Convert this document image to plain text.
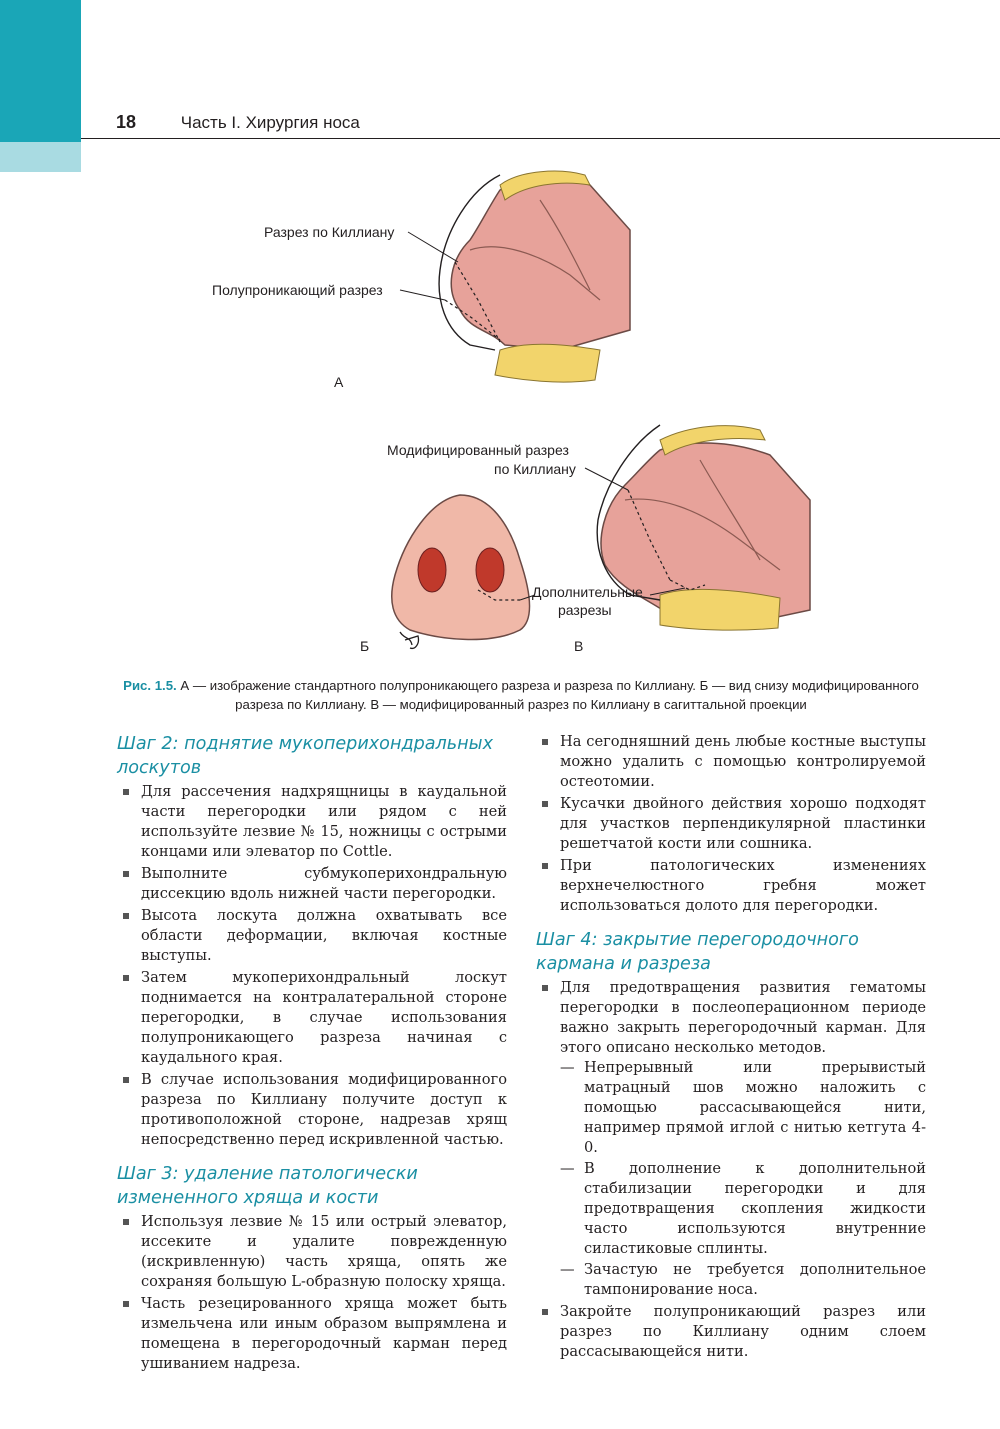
18	Часть I. Хирургия носа
Разрез по Киллиану
Полупроникающий разрез
А
Модифицированный разрез
по Киллиану
Дополнительные
разрезы
Б	В
Рис. 1.5. А — изображение стандартного полупроникающего разреза и разреза по Киллиану. Б — вид снизу модифицированного разреза по Киллиану. В — модифицированный разрез по Киллиану в сагиттальной проекции
Шаг 2: поднятие мукоперихондральных лоскутов
Для рассечения надхрящницы в каудальной части перегородки или рядом с ней используйте лезвие № 15, ножницы с острыми концами или элеватор по Cottle.
Выполните субмукоперихондральную диссекцию вдоль нижней части перегородки.
Высота лоскута должна охватывать все области деформации, включая костные выступы.
Затем мукоперихондральный лоскут поднимается на контралатеральной стороне перегородки, в случае использования полупроникающего разреза начиная с каудального края.
В случае использования модифицированного разреза по Киллиану получите доступ к противоположной стороне, надрезав хрящ непосредственно перед искривленной частью.
Шаг 3: удаление патологически измененного хряща и кости
Используя лезвие № 15 или острый элеватор, иссеките и удалите поврежденную (искривленную) часть хряща, опять же сохраняя большую L-образную полоску хряща.
Часть резецированного хряща может быть измельчена или иным образом выпрямлена и помещена в перегородочный карман перед ушиванием надреза.
На сегодняшний день любые костные выступы можно удалить с помощью контролируемой остеотомии.
Кусачки двойного действия хорошо подходят для участков перпендикулярной пластинки решетчатой кости или сошника.
При патологических изменениях верхнечелюстного гребня может использоваться долото для перегородки.
Шаг 4: закрытие перегородочного кармана и разреза
Для предотвращения развития гематомы перегородки в послеоперационном периоде важно закрыть перегородочный карман. Для этого описано несколько методов.
— Непрерывный или прерывистый матрацный шов можно наложить с помощью рассасывающейся нити, например прямой иглой с нитью кетгута 4-0.
— В дополнение к дополнительной стабилизации перегородки и для предотвращения скопления жидкости часто используются внутренние силастиковые сплинты.
— Зачастую не требуется дополнительное тампонирование носа.
Закройте полупроникающий разрез или разрез по Киллиану одним слоем рассасывающейся нити.
